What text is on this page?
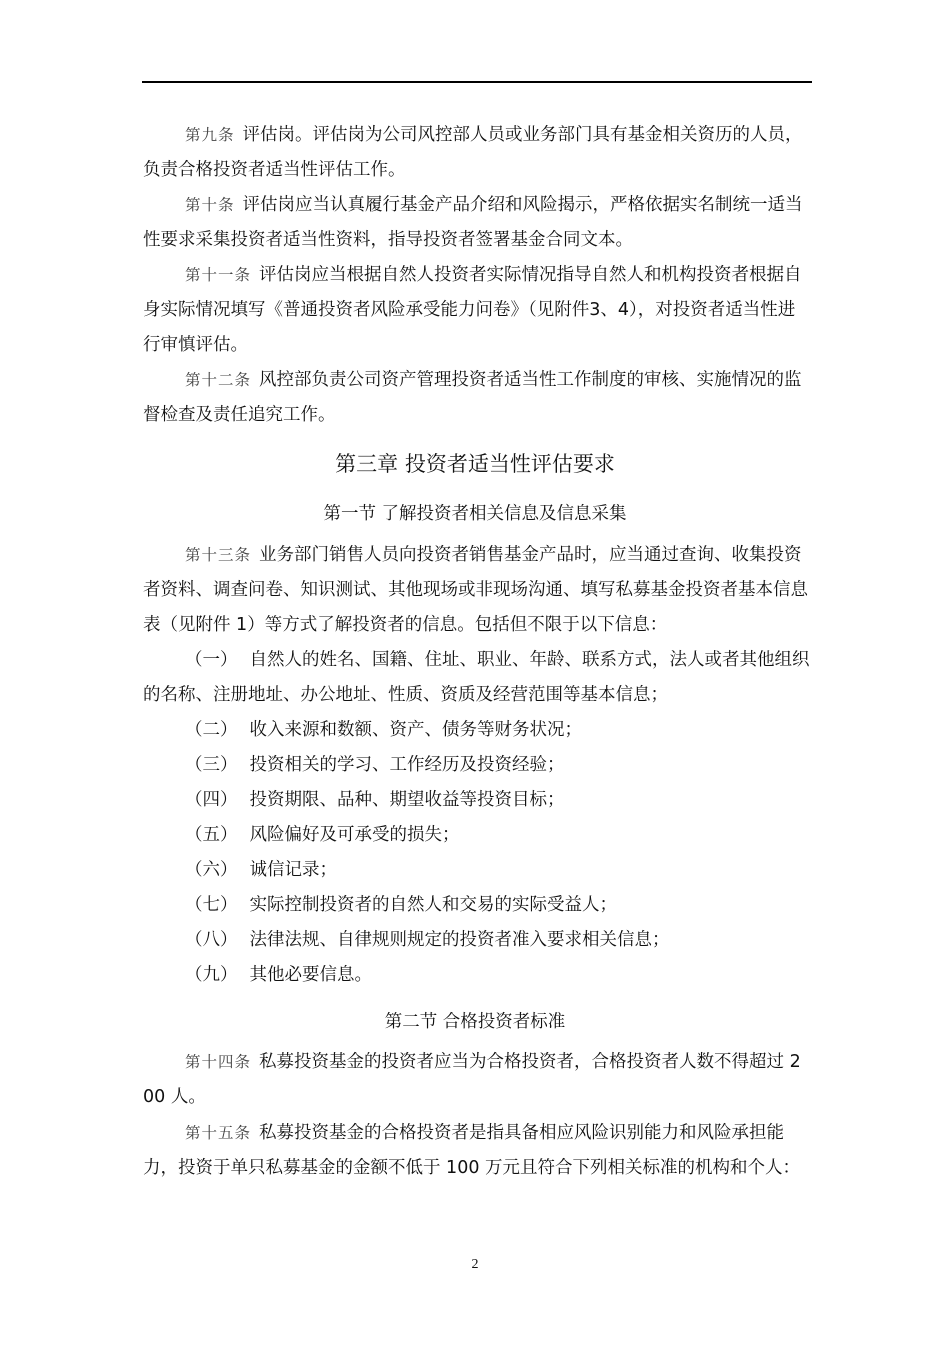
第九条 评估岗。评估岗为公司风控部人员或业务部门具有基金相关资历的人员，负责合格投资者适当性评估工作。
第十条 评估岗应当认真履行基金产品介绍和风险揭示，严格依据实名制统一适当性要求采集投资者适当性资料，指导投资者签署基金合同文本。
第十一条 评估岗应当根据自然人投资者实际情况指导自然人和机构投资者根据自身实际情况填写《普通投资者风险承受能力问卷》（见附件3、4），对投资者适当性进行审慎评估。
第十二条 风控部负责公司资产管理投资者适当性工作制度的审核、实施情况的监督检查及责任追究工作。
第三章 投资者适当性评估要求
第一节 了解投资者相关信息及信息采集
第十三条 业务部门销售人员向投资者销售基金产品时，应当通过查询、收集投资者资料、调查问卷、知识测试、其他现场或非现场沟通、填写私募基金投资者基本信息表（见附件 1）等方式了解投资者的信息。包括但不限于以下信息：
（一） 自然人的姓名、国籍、住址、职业、年龄、联系方式，法人或者其他组织的名称、注册地址、办公地址、性质、资质及经营范围等基本信息；
（二） 收入来源和数额、资产、债务等财务状况；
（三） 投资相关的学习、工作经历及投资经验；
（四） 投资期限、品种、期望收益等投资目标；
（五） 风险偏好及可承受的损失；
（六） 诚信记录；
（七） 实际控制投资者的自然人和交易的实际受益人；
（八） 法律法规、自律规则规定的投资者准入要求相关信息；
（九） 其他必要信息。
第二节 合格投资者标准
第十四条 私募投资基金的投资者应当为合格投资者，合格投资者人数不得超过 200 人。
第十五条 私募投资基金的合格投资者是指具备相应风险识别能力和风险承担能力，投资于单只私募基金的金额不低于 100 万元且符合下列相关标准的机构和个人：
2
